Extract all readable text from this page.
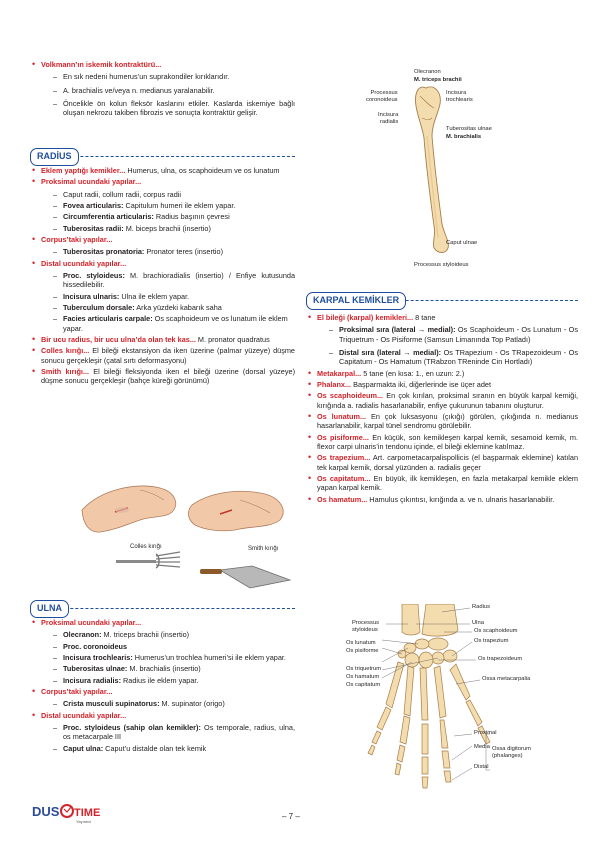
• Volkmann’ın iskemik kontraktürü...
– En sık nedeni humerus’un suprakondiler kırıklarıdır.
– A. brachialis ve/veya n. medianus yaralanabilir.
– Öncelikle ön kolun fleksör kaslarını etkiler. Kaslarda iskemiye bağlı oluşan nekrozu takiben fibrozis ve sonuçta kontraktür gelişir.
RADİUS
• Eklem yaptığı kemikler... Humerus, ulna, os scaphoideum ve os lunatum
• Proksimal ucundaki yapılar...
– Caput radii, collum radii, corpus radii
– Fovea articularis: Capitulum humeri ile eklem yapar.
– Circumferentia articularis: Radius başının çevresi
– Tuberositas radii: M. biceps brachii (insertio)
• Corpus’taki yapılar...
– Tuberositas pronatoria: Pronator teres (insertio)
• Distal ucundaki yapılar...
– Proc. styloideus: M. brachioradialis (insertio) / Enfiye kutusunda hissedilebilir.
– Incisura ulnaris: Ulna ile eklem yapar.
– Tuberculum dorsale: Arka yüzdeki kabarık saha
– Facies articularis carpale: Os scaphoideum ve os lunatum ile eklem yapar.
• Bir ucu radius, bir ucu ulna’da olan tek kas... M. pronator quadratus
• Colles kırığı... El bileği ekstansiyon da iken üzerine (palmar yüzeye) düşme sonucu gerçekleşir (çatal sırtı deformasyonu)
• Smith kırığı... El bileği fleksiyonda iken el bileği üzerine (dorsal yüzeye) düşme sonucu gerçekleşir (bahçe küreği görünümü)
Colles kırığı	Smith kırığı
ULNA
• Proksimal ucundaki yapılar...
– Olecranon: M. triceps brachii (insertio)
– Proc. coronoideus
– Incisura trochlearis: Humerus’un trochlea humeri’si ile eklem yapar.
– Tuberositas ulnae: M. brachialis (insertio)
– Incisura radialis: Radius ile eklem yapar.
• Corpus’taki yapılar...
– Crista musculi supinatorus: M. supinator (origo)
• Distal ucundaki yapılar...
– Proc. styloideus (sahip olan kemikler): Os temporale, radius, ulna, os metacarpale III
– Caput ulna: Caput’u distalde olan tek kemik
Olecranon
M. triceps brachii
Processus
coronoideus
Incisura
trochlearis
Incisura
radialis
Tuberositas ulnae
M. brachialis
Caput ulnae
Processus styloideus
KARPAL KEMİKLER
• El bileği (karpal) kemikleri... 8 tane
– Proksimal sıra (lateral → medial): Os Scaphoideum - Os Lunatum - Os Triquetrum - Os Pisiforme (Samsun Limanında Top Patladı)
– Distal sıra (lateral → medial): Os TRapezium - Os TRapezoideum - Os Capitatum - Os Hamatum (TRabzon TReninde Cin Hortladı)
• Metakarpal... 5 tane (en kısa: 1., en uzun: 2.)
• Phalanx... Başparmakta iki, diğerlerinde ise üçer adet
• Os scaphoideum... En çok kırılan, proksimal sıranın en büyük karpal kemiği, kırığında a. radialis hasarlanabilir, enfiye çukurunun tabanını oluşturur.
• Os lunatum... En çok luksasyonu (çıkığı) görülen, çıkığında n. medianus hasarlanabilir, karpal tünel sendromu görülebilir.
• Os pisiforme... En küçük, son kemikleşen karpal kemik, sesamoid kemik, m. flexor carpi ulnaris’in tendonu içinde, el bileği eklemine katılmaz.
• Os trapezium... Art. carpometacarpalispollicis (el başparmak eklemine) katılan tek karpal kemik, dorsal yüzünden a. radialis geçer
• Os capitatum... En büyük, ilk kemikleşen, en fazla metakarpal kemikle eklem yapan karpal kemik.
• Os hamatum... Hamulus çıkıntısı, kırığında a. ve n. ulnaris hasarlanabilir.
Radius
Processus
styloideus
Ulna
Os lunatum
Os pisiforme
Os triquetrum
Os hamatum
Os capitatum
Os scaphoideum
Os trapezium
Os trapezoideum
Ossa metacarpalia
Proximal
Media
Distal
Ossa digitorum
(phalanges)
DUS TIME
Yayınevi
– 7 –
